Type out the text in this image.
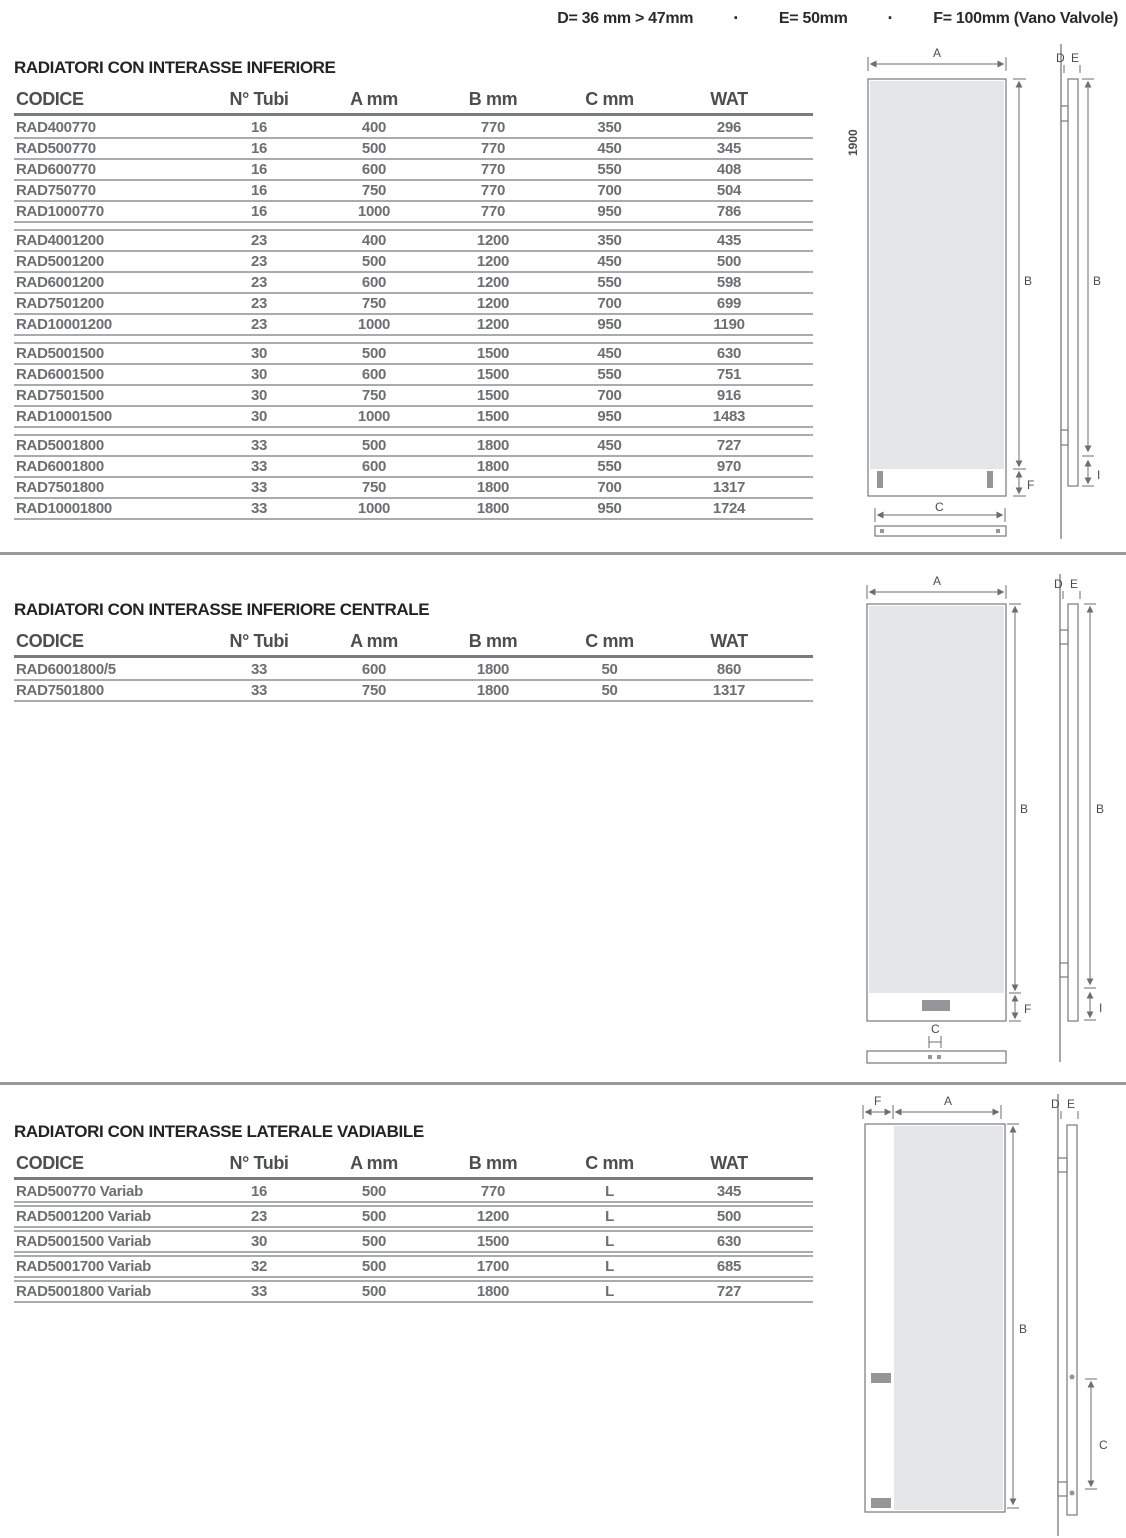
D= 36 mm > 47mm ·	E= 50mm ·	F= 100mm (Vano Valvole)
RADIATORI CON INTERASSE INFERIORE
CODICE	N° Tubi	A mm	B mm	C mm	WAT
RAD400770	16	400	770	350	296
RAD500770	16	500	770	450	345
RAD600770	16	600	770	550	408
RAD750770	16	750	770	700	504
RAD1000770	16	1000	770	950	786
RAD4001200	23	400	1200	350	435
RAD5001200	23	500	1200	450	500
RAD6001200	23	600	1200	550	598
RAD7501200	23	750	1200	700	699
RAD10001200	23	1000	1200	950	1190
RAD5001500	30	500	1500	450	630
RAD6001500	30	600	1500	550	751
RAD7501500	30	750	1500	700	916
RAD10001500	30	1000	1500	950	1483
RAD5001800	33	500	1800	450	727
RAD6001800	33	600	1800	550	970
RAD7501800	33	750	1800	700	1317
RAD10001800	33	1000	1800	950	1724
RADIATORI CON INTERASSE INFERIORE CENTRALE
CODICE	N° Tubi	A mm	B mm	C mm	WAT
RAD6001800/5	33	600	1800	50	860
RAD7501800	33	750	1800	50	1317
RADIATORI CON INTERASSE LATERALE VADIABILE
CODICE	N° Tubi	A mm	B mm	C mm	WAT
RAD500770 Variab	16	500	770	L	345
RAD5001200 Variab	23	500	1200	L	500
RAD5001500 Variab	30	500	1500	L	630
RAD5001700 Variab	32	500	1700	L	685
RAD5001800 Variab	33	500	1800	L	727
A
1900
B
F
C
D E
B
I
A
B
F
C
D E
B
I
F	A
B
D E
C
